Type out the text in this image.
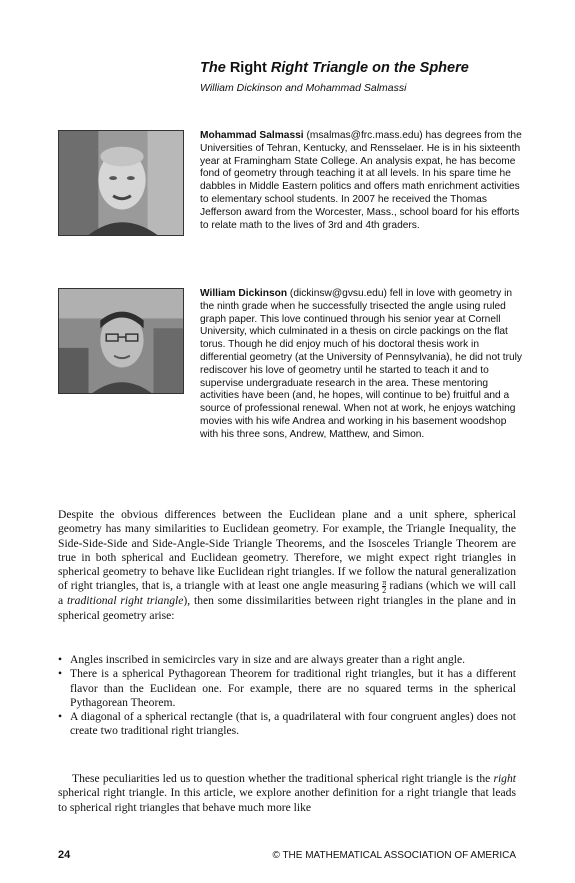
The Right Right Triangle on the Sphere
William Dickinson and Mohammad Salmassi

Mohammad Salmassi (msalmas@frc.mass.edu) has degrees from the Universities of Tehran, Kentucky, and Rensselaer. He is in his sixteenth year at Framingham State College. An analysis expat, he has become fond of geometry through teaching it at all levels. In his spare time he dabbles in Middle Eastern politics and offers math enrichment activities to elementary school students. In 2007 he received the Thomas Jefferson award from the Worcester, Mass., school board for his efforts to relate math to the lives of 3rd and 4th graders.

William Dickinson (dickinsw@gvsu.edu) fell in love with geometry in the ninth grade when he successfully trisected the angle using ruled graph paper. This love continued through his senior year at Cornell University, which culminated in a thesis on circle packings on the flat torus. Though he did enjoy much of his doctoral thesis work in differential geometry (at the University of Pennsylvania), he did not truly rediscover his love of geometry until he started to teach it and to supervise undergraduate research in the area. These mentoring activities have been (and, he hopes, will continue to be) fruitful and a source of professional renewal. When not at work, he enjoys watching movies with his wife Andrea and working in his basement woodshop with his three sons, Andrew, Matthew, and Simon.

Despite the obvious differences between the Euclidean plane and a unit sphere, spherical geometry has many similarities to Euclidean geometry. For example, the Triangle Inequality, the Side-Side-Side and Side-Angle-Side Triangle Theorems, and the Isosceles Triangle Theorem are true in both spherical and Euclidean geometry. Therefore, we might expect right triangles in spherical geometry to behave like Euclidean right triangles. If we follow the natural generalization of right triangles, that is, a triangle with at least one angle measuring $\frac{\pi}{2}$ radians (which we will call a traditional right triangle), then some dissimilarities between right triangles in the plane and in spherical geometry arise:

• Angles inscribed in semicircles vary in size and are always greater than a right angle.
• There is a spherical Pythagorean Theorem for traditional right triangles, but it has a different flavor than the Euclidean one. For example, there are no squared terms in the spherical Pythagorean Theorem.
• A diagonal of a spherical rectangle (that is, a quadrilateral with four congruent angles) does not create two traditional right triangles.

These peculiarities led us to question whether the traditional spherical right triangle is the right spherical right triangle. In this article, we explore another definition for a right triangle that leads to spherical right triangles that behave much more like

24	© THE MATHEMATICAL ASSOCIATION OF AMERICA
